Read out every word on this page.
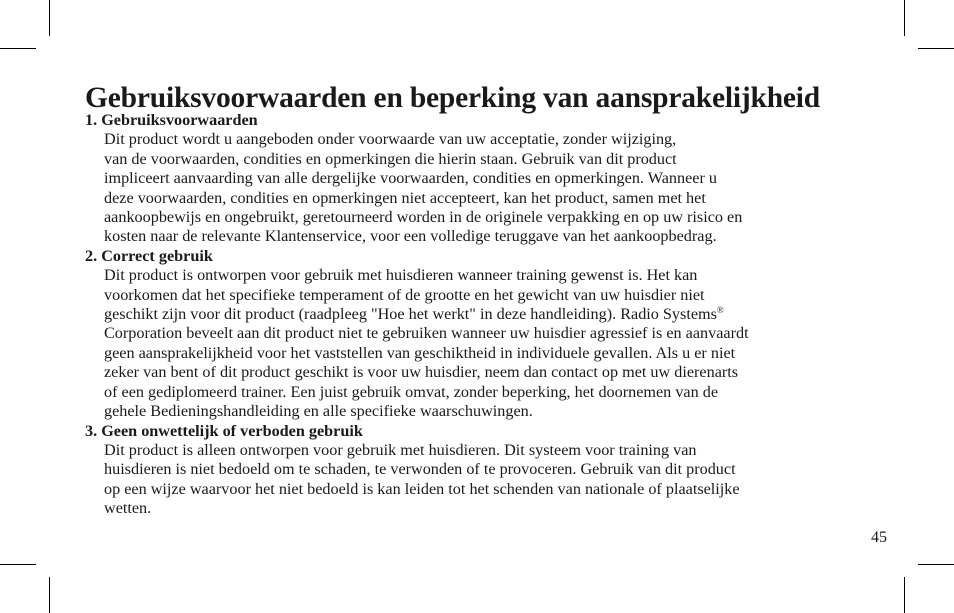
Gebruiksvoorwaarden en beperking van aansprakelijkheid
1. Gebruiksvoorwaarden
Dit product wordt u aangeboden onder voorwaarde van uw acceptatie, zonder wijziging,
van de voorwaarden, condities en opmerkingen die hierin staan. Gebruik van dit product
impliceert aanvaarding van alle dergelijke voorwaarden, condities en opmerkingen. Wanneer u
deze voorwaarden, condities en opmerkingen niet accepteert, kan het product, samen met het
aankoopbewijs en ongebruikt, geretourneerd worden in de originele verpakking en op uw risico en
kosten naar de relevante Klantenservice, voor een volledige teruggave van het aankoopbedrag.
2. Correct gebruik
Dit product is ontworpen voor gebruik met huisdieren wanneer training gewenst is. Het kan
voorkomen dat het specifieke temperament of de grootte en het gewicht van uw huisdier niet
geschikt zijn voor dit product (raadpleeg "Hoe het werkt" in deze handleiding). Radio Systems®
Corporation beveelt aan dit product niet te gebruiken wanneer uw huisdier agressief is en aanvaardt
geen aansprakelijkheid voor het vaststellen van geschiktheid in individuele gevallen. Als u er niet
zeker van bent of dit product geschikt is voor uw huisdier, neem dan contact op met uw dierenarts
of een gediplomeerd trainer. Een juist gebruik omvat, zonder beperking, het doornemen van de
gehele Bedieningshandleiding en alle specifieke waarschuwingen.
3. Geen onwettelijk of verboden gebruik
Dit product is alleen ontworpen voor gebruik met huisdieren. Dit systeem voor training van
huisdieren is niet bedoeld om te schaden, te verwonden of te provoceren. Gebruik van dit product
op een wijze waarvoor het niet bedoeld is kan leiden tot het schenden van nationale of plaatselijke
wetten.
45
